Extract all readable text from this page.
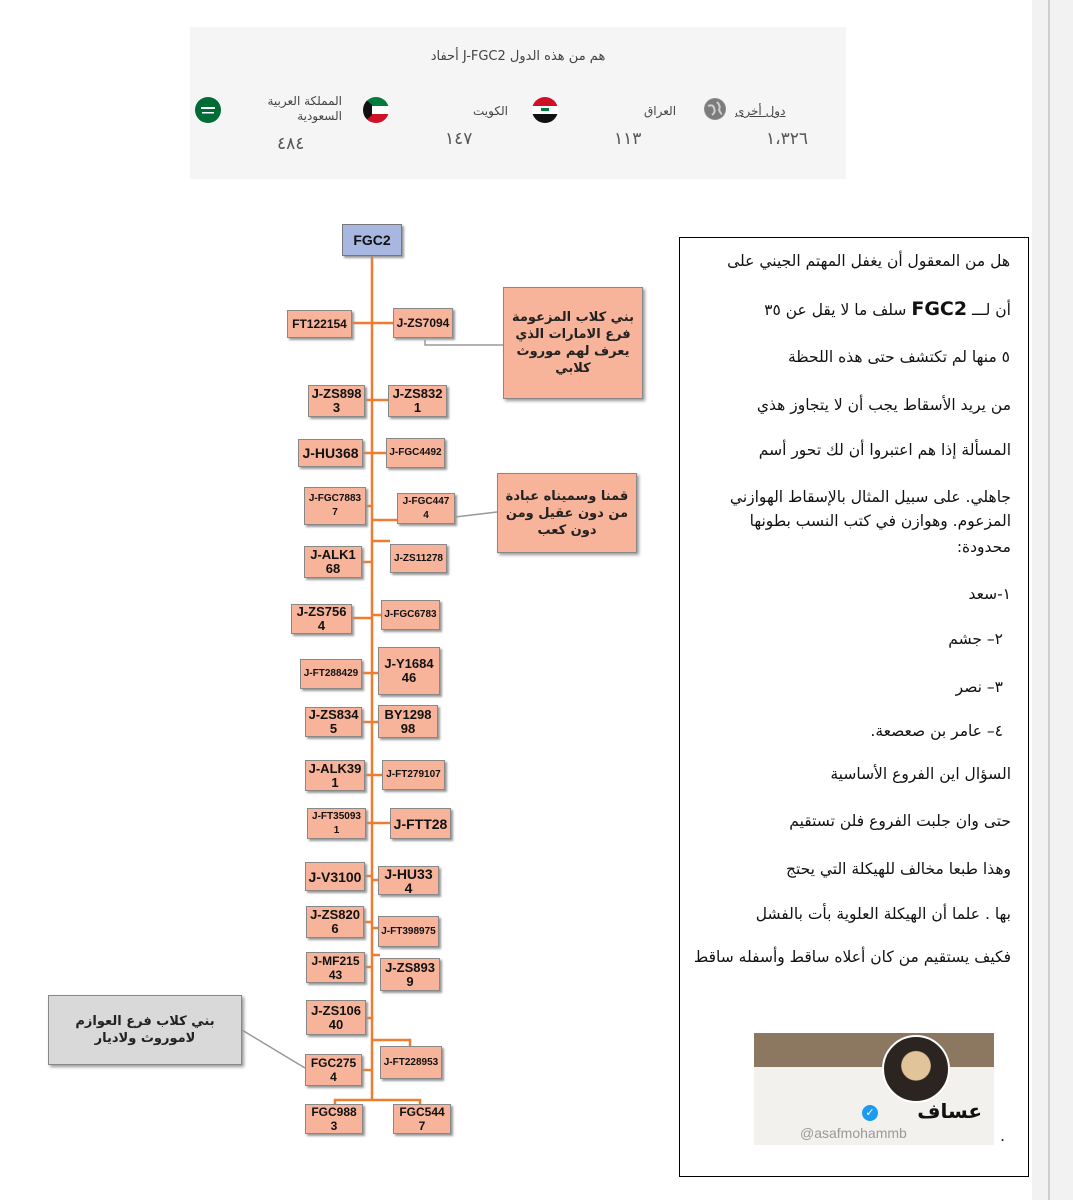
أحفاد J-FGC2 هم من هذه الدول
دول أخرى
١،٣٢٦
العراق
١١٣
الكويت
١٤٧
المملكة العربية السعودية
٤٨٤
FGC2
FT122154
J-ZS8983
J-HU368
J-FGC78837
J-ALK168
J-ZS7564
J-FT288429
J-ZS8345
J-ALK391
J-FT350931
J-V3100
J-ZS8206
J-MF21543
J-ZS10640
FGC2754
FGC9883
J-ZS7094
J-ZS8321
J-FGC4492
J-FGC4474
J-ZS11278
J-FGC6783
J-Y168446
BY129898
J-FT279107
J-FTT28
J-HU334
J-FT398975
J-ZS8939
J-FT228953
FGC5447
بني كلاب المزعومة فرع الامارات الذي يعرف لهم موروث كلابي
قمنا وسميناه عبادة من دون عقيل ومن دون كعب
بني كلاب فرع العوازم لاموروث ولاديار
هل من المعقول أن يغفل المهتم الجيني على
أن لـــ FGC2 سلف ما لا يقل عن ٣٥
٥ منها لم تكتشف حتى هذه اللحظة
من يريد الأسقاط يجب أن لا يتجاوز هذي
المسألة إذا هم اعتبروا أن لك تحور أسم
جاهلي. على سبيل المثال بالإسقاط الهوازني
المزعوم. وهوازن في كتب النسب بطونها
محدودة:
١-سعد
٢– جشم
٣– نصر
٤– عامر بن صعصعة.
السؤال اين الفروع الأساسية
حتى وان جلبت الفروع فلن تستقيم
وهذا طبعا مخالف للهيكلة التي يحتج
بها . علما أن الهيكلة العلوية بأت بالفشل
فكيف يستقيم من كان أعلاه ساقط وأسفله ساقط
.
✓ عساف
@asafmohammb
